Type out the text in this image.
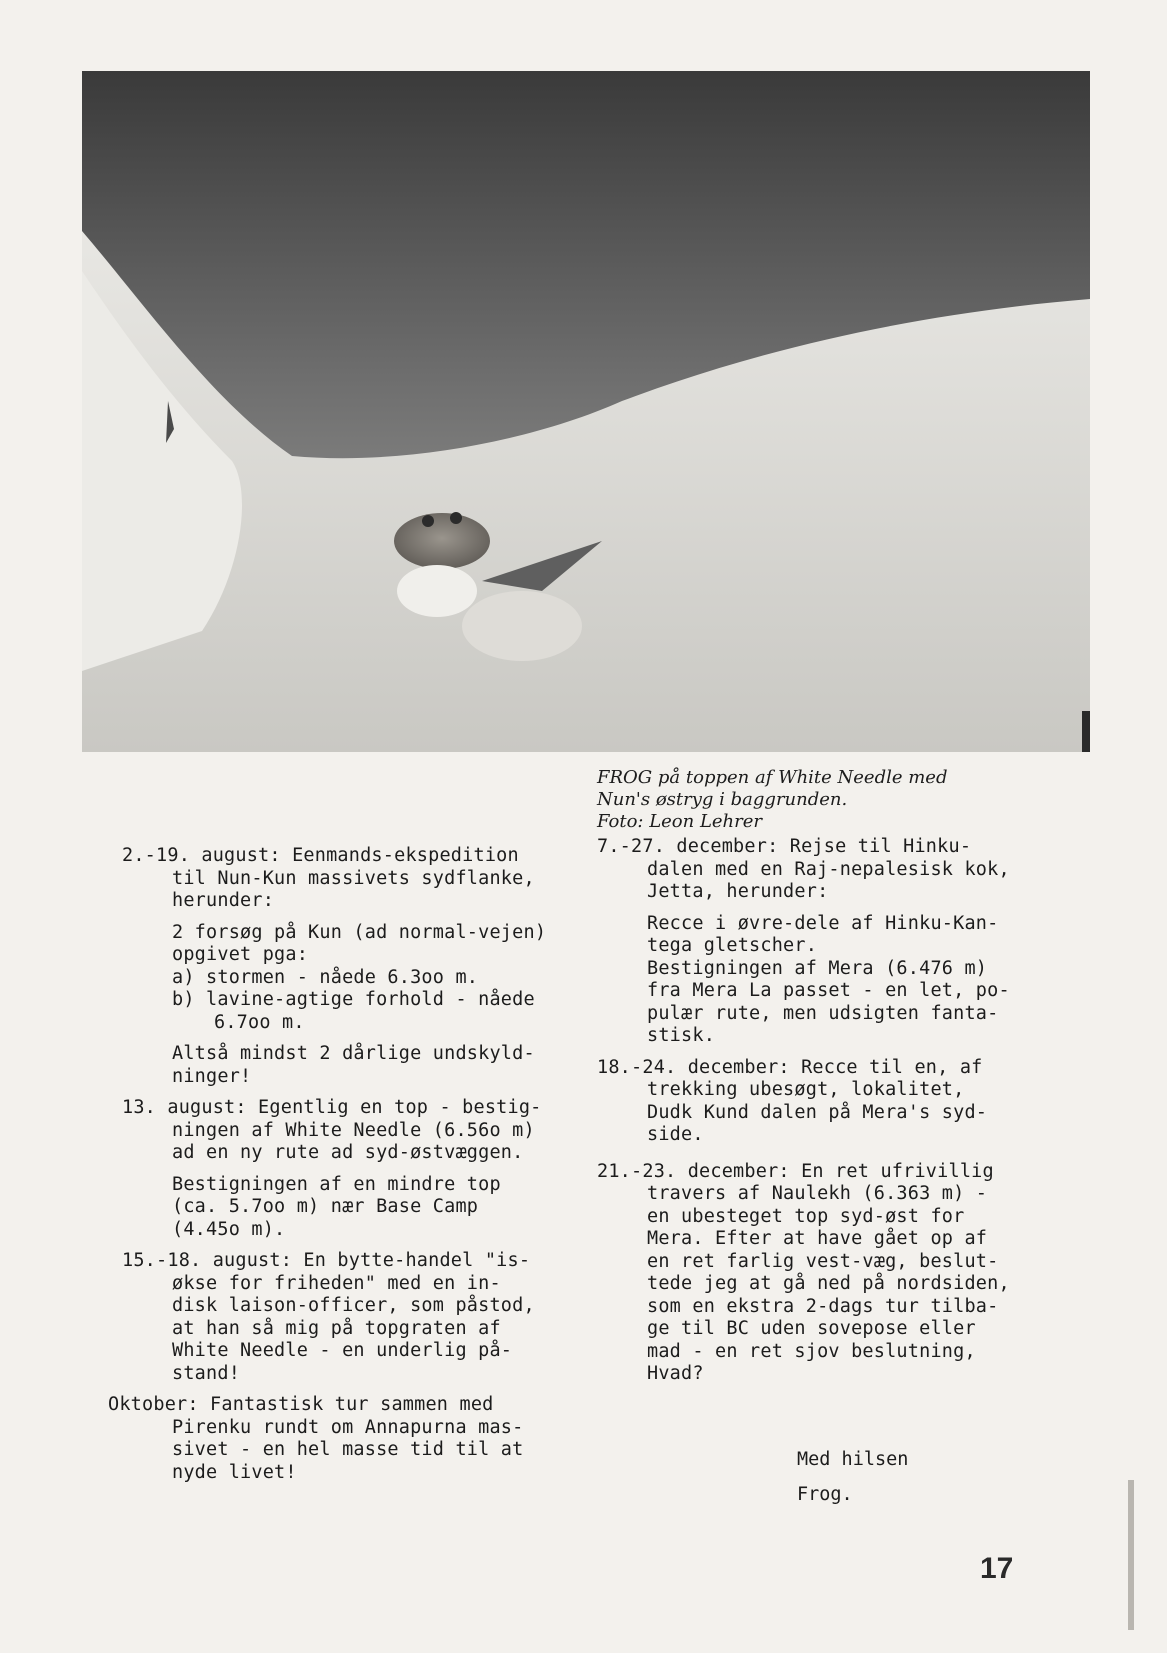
FROG på toppen af White Needle med
Nun's østryg i baggrunden.
Foto: Leon Lehrer
2.-19. august: Eenmands-ekspedition
til Nun-Kun massivets sydflanke,
herunder:
2 forsøg på Kun (ad normal-vejen)
opgivet pga:
a) stormen - nåede 6.3oo m.
b) lavine-agtige forhold - nåede
6.7oo m.
Altså mindst 2 dårlige undskyld-
ninger!
13. august: Egentlig en top - bestig-
ningen af White Needle (6.56o m)
ad en ny rute ad syd-østvæggen.
Bestigningen af en mindre top
(ca. 5.7oo m) nær Base Camp
(4.45o m).
15.-18. august: En bytte-handel "is-
økse for friheden" med en in-
disk laison-officer, som påstod,
at han så mig på topgraten af
White Needle - en underlig på-
stand!
Oktober: Fantastisk tur sammen med
Pirenku rundt om Annapurna mas-
sivet - en hel masse tid til at
nyde livet!
7.-27. december: Rejse til Hinku-
dalen med en Raj-nepalesisk kok,
Jetta, herunder:
Recce i øvre-dele af Hinku-Kan-
tega gletscher.
Bestigningen af Mera (6.476 m)
fra Mera La passet - en let, po-
pulær rute, men udsigten fanta-
stisk.
18.-24. december: Recce til en, af
trekking ubesøgt, lokalitet,
Dudk Kund dalen på Mera's syd-
side.
21.-23. december: En ret ufrivillig
travers af Naulekh (6.363 m) -
en ubesteget top syd-øst for
Mera. Efter at have gået op af
en ret farlig vest-væg, beslut-
tede jeg at gå ned på nordsiden,
som en ekstra 2-dags tur tilba-
ge til BC uden sovepose eller
mad - en ret sjov beslutning,
Hvad?
Med hilsen
Frog.
17
